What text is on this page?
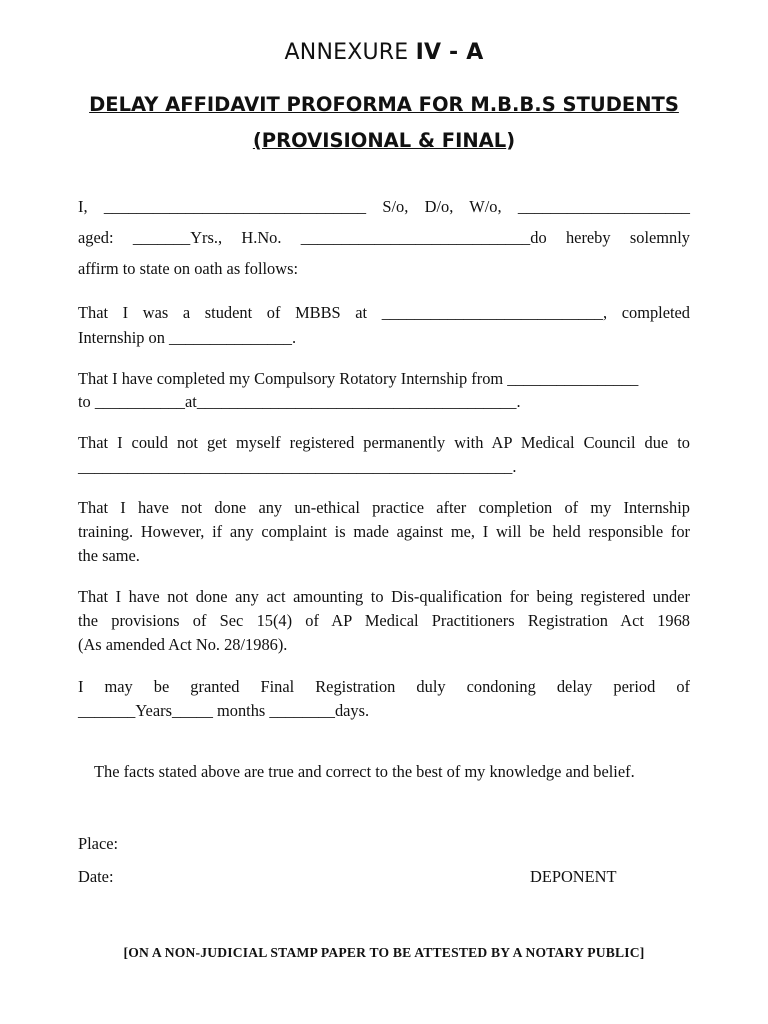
ANNEXURE IV - A
DELAY AFFIDAVIT PROFORMA FOR M.B.B.S STUDENTS
(PROVISIONAL & FINAL)
I, ________________________________ S/o, D/o, W/o, _____________________
aged: _______Yrs., H.No. ____________________________do hereby solemnly
affirm to state on oath as follows:
That I was a student of MBBS at ___________________________, completed
Internship on _______________.
That I have completed my Compulsory Rotatory Internship from ________________
to ___________at_______________________________________.
That I could not get myself registered permanently with AP Medical Council due to
_____________________________________________________.
That I have not done any un-ethical practice after completion of my Internship
training. However, if any complaint is made against me, I will be held responsible for
the same.
That I have not done any act amounting to Dis-qualification for being registered under
the provisions of Sec 15(4) of AP Medical Practitioners Registration Act 1968
(As amended Act No. 28/1986).
I may be granted Final Registration duly condoning delay period of
_______Years_____ months ________days.
The facts stated above are true and correct to the best of my knowledge and belief.
Place:
Date:	DEPONENT
[ON A NON-JUDICIAL STAMP PAPER TO BE ATTESTED BY A NOTARY PUBLIC]
